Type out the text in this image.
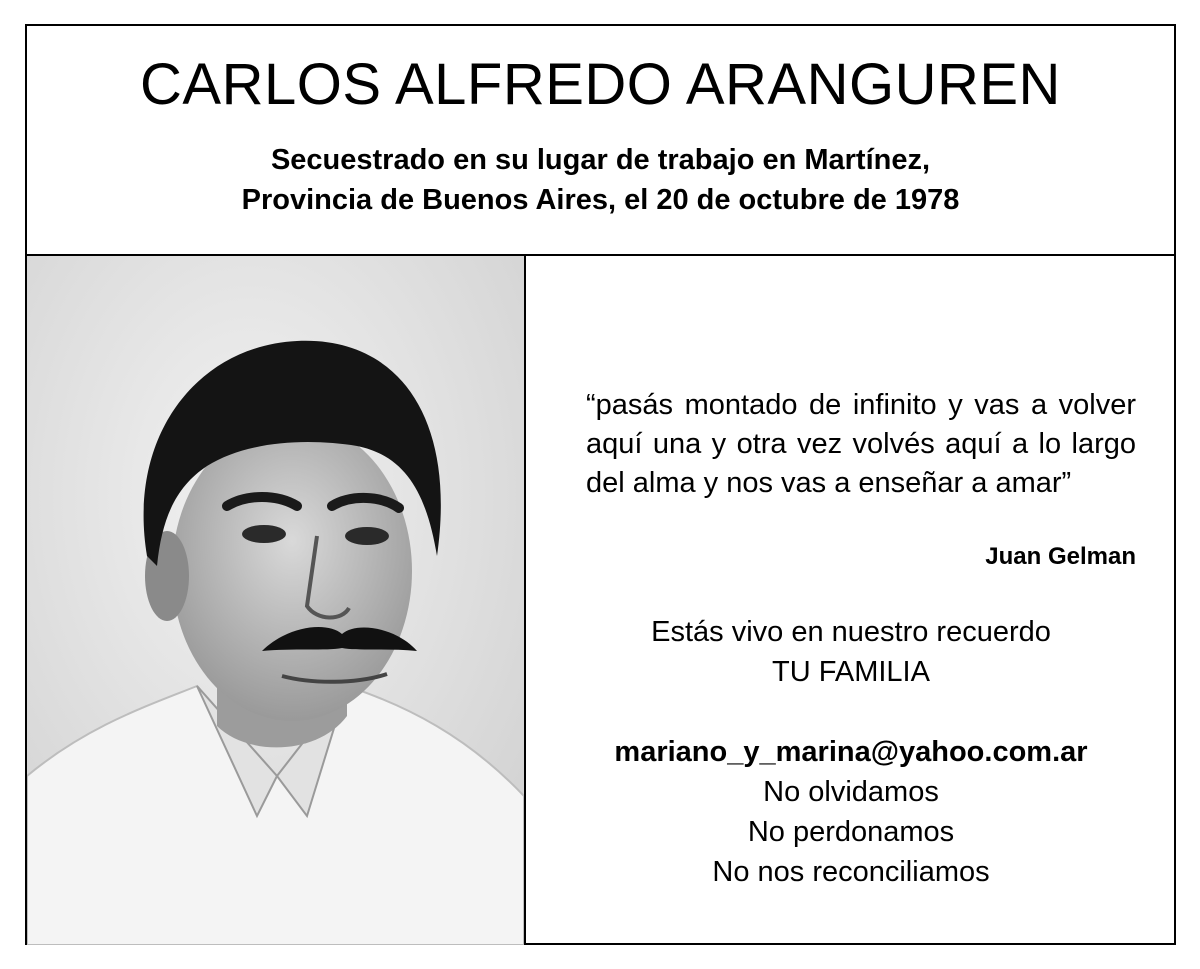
CARLOS ALFREDO ARANGUREN
Secuestrado en su lugar de trabajo en Martínez,
Provincia de Buenos Aires, el 20 de octubre de 1978
“pasás montado de infinito y vas a volver aquí una y otra vez volvés aquí a lo largo del alma y nos vas a enseñar a amar”
Juan Gelman
Estás vivo en nuestro recuerdo
TU FAMILIA
mariano_y_marina@yahoo.com.ar
No olvidamos
No perdonamos
No nos reconciliamos
